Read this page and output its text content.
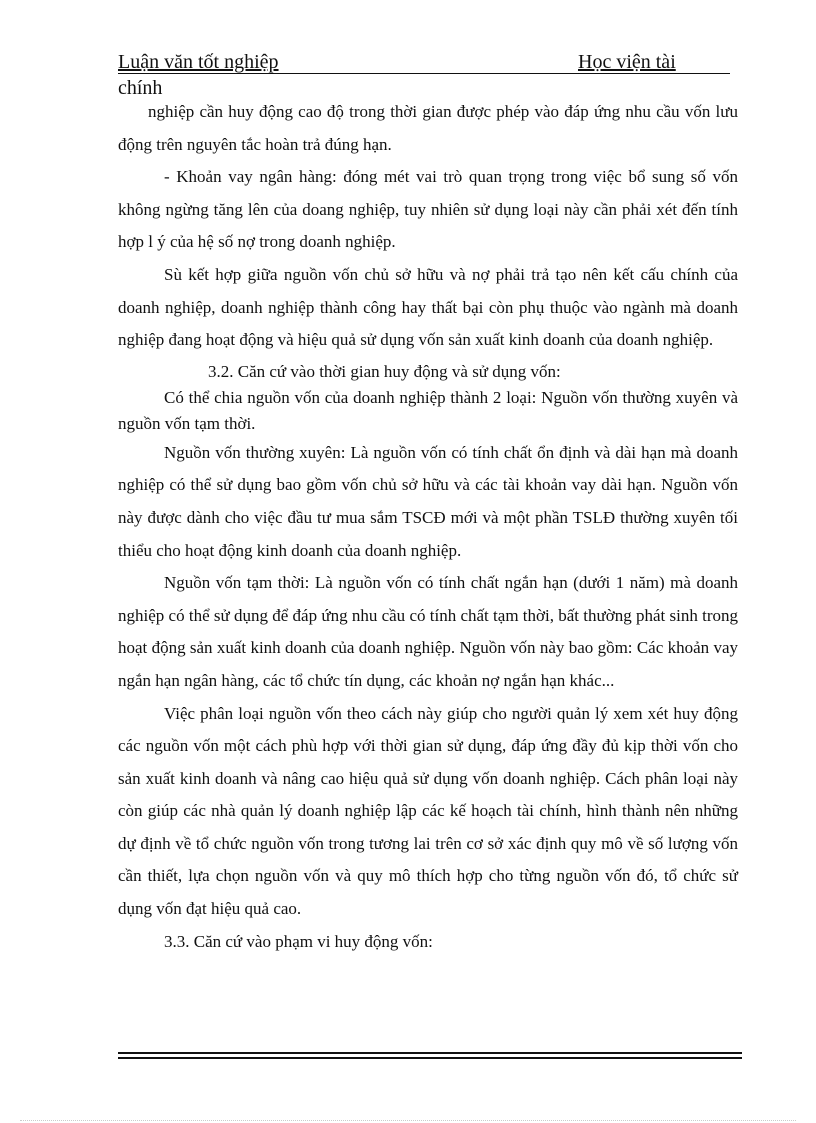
Luận văn tốt nghiệp	Học viện tài
chính

nghiệp cần huy động cao độ trong thời gian được phép vào đáp ứng nhu cầu vốn lưu động trên nguyên tắc hoàn trả đúng hạn.

- Khoản vay ngân hàng: đóng mét vai trò quan trọng trong việc bổ sung số vốn không ngừng tăng lên của doang nghiệp, tuy nhiên sử dụng loại này cần phải xét đến tính hợp l ý của hệ số nợ trong doanh nghiệp.

Sù kết hợp giữa nguồn vốn chủ sở hữu và nợ phải trả tạo nên kết cấu chính của doanh nghiệp, doanh nghiệp thành công hay thất bại còn phụ thuộc vào ngành mà doanh nghiệp đang hoạt động và hiệu quả sử dụng vốn sản xuất kinh doanh của doanh nghiệp.

3.2. Căn cứ vào thời gian huy động và sử dụng vốn:

Có thể chia nguồn vốn của doanh nghiệp thành 2 loại: Nguồn vốn thường xuyên và nguồn vốn tạm thời.

Nguồn vốn thường xuyên: Là nguồn vốn có tính chất ổn định và dài hạn mà doanh nghiệp có thể sử dụng bao gồm vốn chủ sở hữu và các tài khoản vay dài hạn. Nguồn vốn này được dành cho việc đầu tư mua sắm TSCĐ mới và một phần TSLĐ thường xuyên tối thiểu cho hoạt động kinh doanh của doanh nghiệp.

Nguồn vốn tạm thời: Là nguồn vốn có tính chất ngắn hạn (dưới 1 năm) mà doanh nghiệp có thể sử dụng để đáp ứng nhu cầu có tính chất tạm thời, bất thường phát sinh trong hoạt động sản xuất kinh doanh của doanh nghiệp. Nguồn vốn này bao gồm: Các khoản vay ngắn hạn ngân hàng, các tổ chức tín dụng, các khoản nợ ngắn hạn khác...

Việc phân loại nguồn vốn theo cách này giúp cho người quản lý xem xét huy động các nguồn vốn một cách phù hợp với thời gian sử dụng, đáp ứng đầy đủ kịp thời vốn cho sản xuất kinh doanh và nâng cao hiệu quả sử dụng vốn doanh nghiệp. Cách phân loại này còn giúp các nhà quản lý doanh nghiệp lập các kế hoạch tài chính, hình thành nên những dự định về tổ chức nguồn vốn trong tương lai trên cơ sở xác định quy mô về số lượng vốn cần thiết, lựa chọn nguồn vốn và quy mô thích hợp cho từng nguồn vốn đó, tổ chức sử dụng vốn đạt hiệu quả cao.

3.3. Căn cứ vào phạm vi huy động vốn:
